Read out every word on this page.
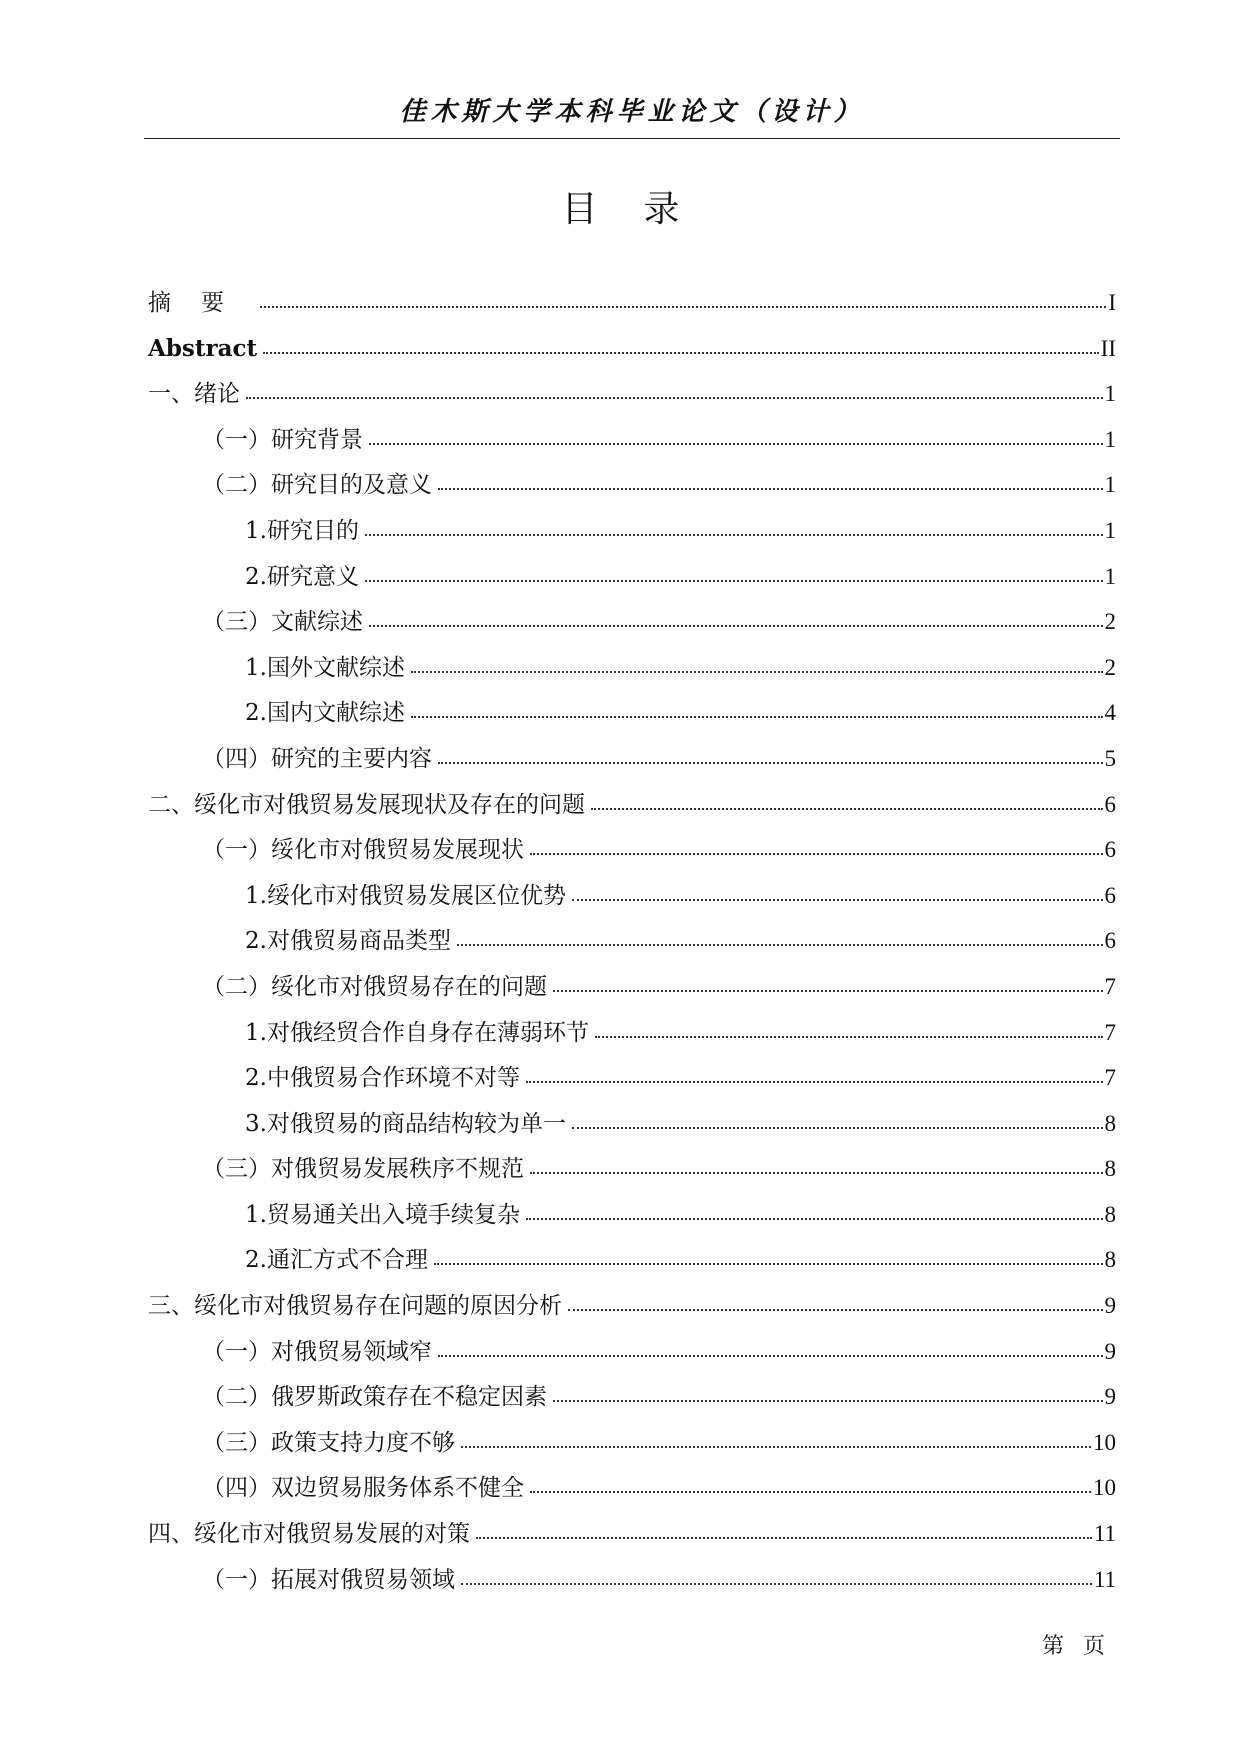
佳木斯大学本科毕业论文（设计）
目录
摘要	I
Abstract	II
一、绪论	1
（一）研究背景	1
（二）研究目的及意义	1
1.研究目的	1
2.研究意义	1
（三）文献综述	2
1.国外文献综述	2
2.国内文献综述	4
（四）研究的主要内容	5
二、绥化市对俄贸易发展现状及存在的问题	6
（一）绥化市对俄贸易发展现状	6
1.绥化市对俄贸易发展区位优势	6
2.对俄贸易商品类型	6
（二）绥化市对俄贸易存在的问题	7
1.对俄经贸合作自身存在薄弱环节	7
2.中俄贸易合作环境不对等	7
3.对俄贸易的商品结构较为单一	8
（三）对俄贸易发展秩序不规范	8
1.贸易通关出入境手续复杂	8
2.通汇方式不合理	8
三、绥化市对俄贸易存在问题的原因分析	9
（一）对俄贸易领域窄	9
（二）俄罗斯政策存在不稳定因素	9
（三）政策支持力度不够	10
（四）双边贸易服务体系不健全	10
四、绥化市对俄贸易发展的对策	11
（一）拓展对俄贸易领域	11
第 页
